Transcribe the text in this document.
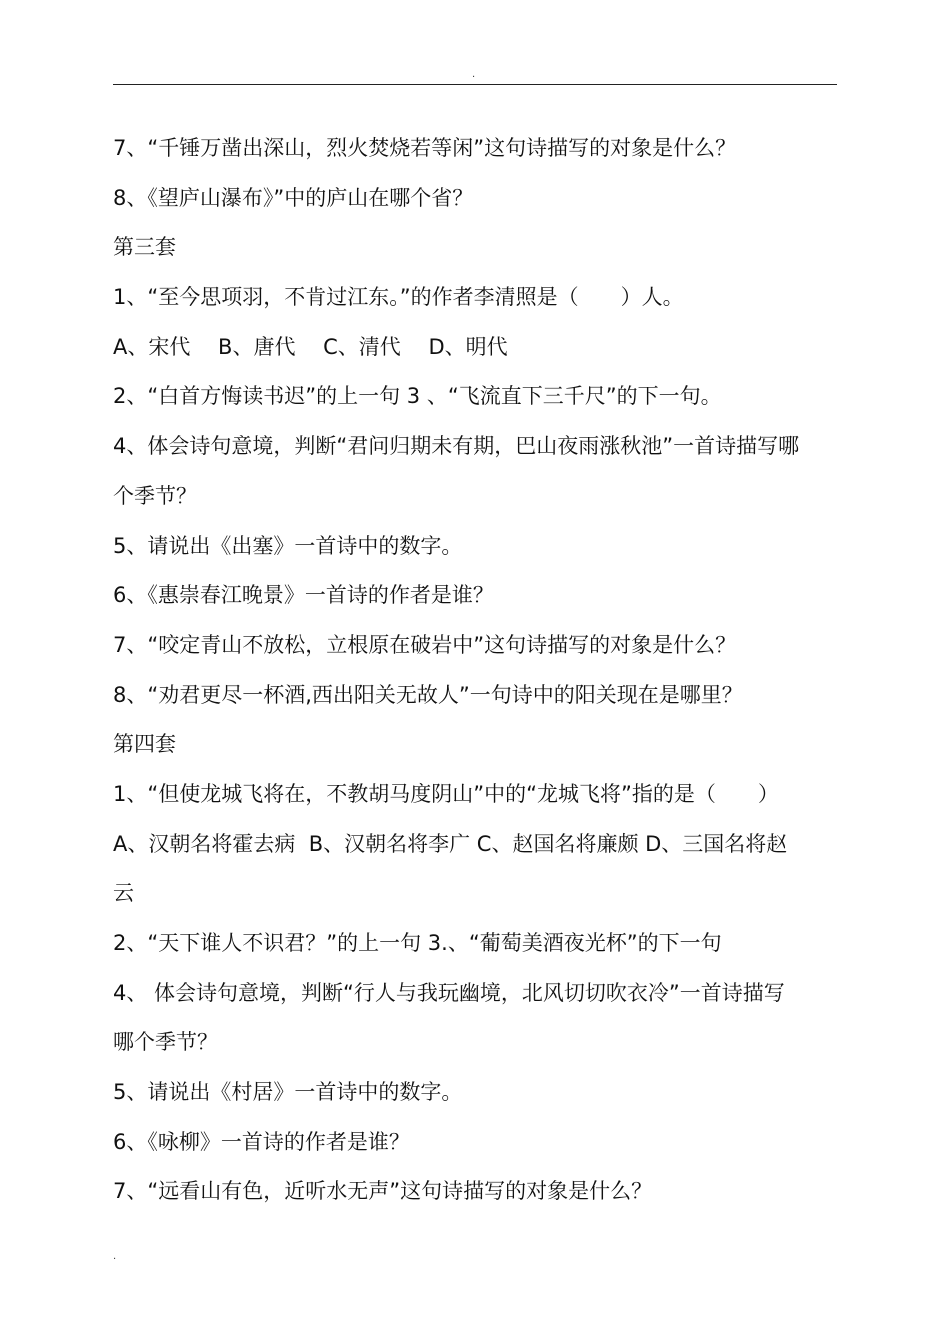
.
7、“千锤万凿出深山，烈火焚烧若等闲”这句诗描写的对象是什么？
8、《望庐山瀑布》”中的庐山在哪个省？
第三套
1、“至今思项羽，不肯过江东。”的作者李清照是（　　）人。
A、宋代　 B、唐代　 C、清代　 D、明代
2、“白首方悔读书迟”的上一句 3 、“飞流直下三千尺”的下一句。
4、体会诗句意境，判断“君问归期未有期，巴山夜雨涨秋池”一首诗描写哪
个季节？
5、请说出《出塞》一首诗中的数字。
6、《惠崇春江晚景》一首诗的作者是谁？
7、“咬定青山不放松，立根原在破岩中”这句诗描写的对象是什么？
8、“劝君更尽一杯酒,西出阳关无故人”一句诗中的阳关现在是哪里？
第四套
1、“但使龙城飞将在，不教胡马度阴山”中的“龙城飞将”指的是（　　）
A、汉朝名将霍去病  B、汉朝名将李广 C、赵国名将廉颇 D、三国名将赵
云
2、“天下谁人不识君？”的上一句 3.、“葡萄美酒夜光杯”的下一句
4、 体会诗句意境，判断“行人与我玩幽境，北风切切吹衣冷”一首诗描写
哪个季节？
5、请说出《村居》一首诗中的数字。
6、《咏柳》一首诗的作者是谁？
7、“远看山有色，近听水无声”这句诗描写的对象是什么？
.
